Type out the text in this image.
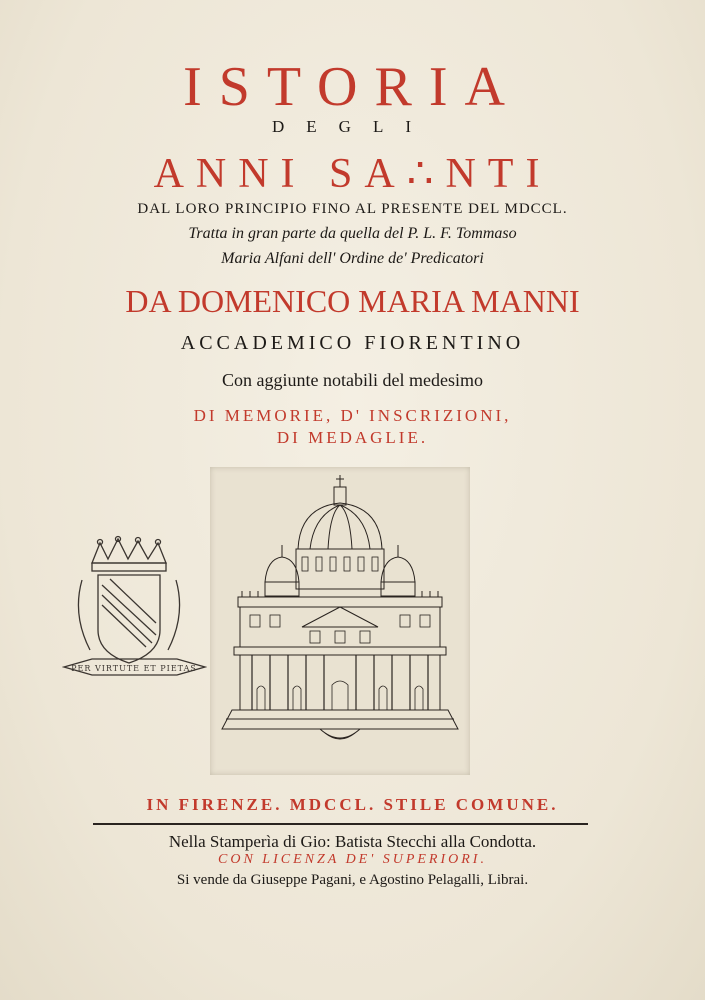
ISTORIA
DEGLI
ANNI SA∴NTI
DAL LORO PRINCIPIO FINO AL PRESENTE DEL MDCCL.
Tratta in gran parte da quella del P. L. F. Tommaso
Maria Alfani dell' Ordine de' Predicatori
DA DOMENICO MARIA MANNI
ACCADEMICO FIORENTINO
Con aggiunte notabili del medesimo
DI MEMORIE, D' INSCRIZIONI,
DI MEDAGLIE.
PER VIRTUTE ET PIETAS
IN FIRENZE. MDCCL. STILE COMUNE.
Nella Stamperìa di Gio: Batista Stecchi alla Condotta.
CON LICENZA DE' SUPERIORI.
Si vende da Giuseppe Pagani, e Agostino Pelagalli, Librai.
